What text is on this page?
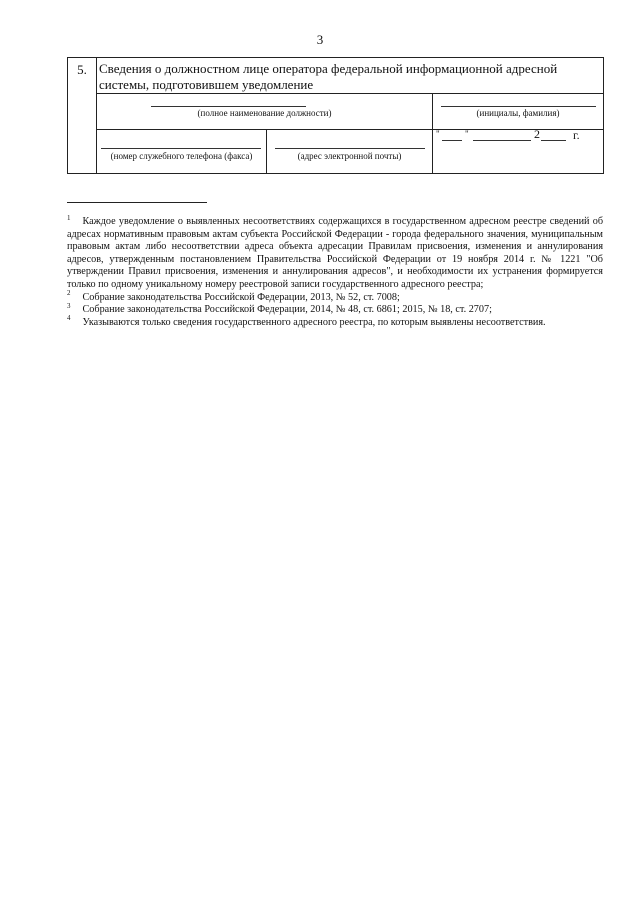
3
5.	Сведения о должностном лице оператора федеральной информационной адресной системы, подготовившем уведомление		

	(полное наименование должности)		(инициалы, фамилия)

	(номер служебного телефона (факса)	(адрес электронной почты)	" " 2 г.

$^1$ Каждое уведомление о выявленных несоответствиях содержащихся в государственном адресном реестре сведений об адресах нормативным правовым актам субъекта Российской Федерации - города федерального значения, муниципальным правовым актам либо несоответствии адреса объекта адресации Правилам присвоения, изменения и аннулирования адресов, утвержденным постановлением Правительства Российской Федерации от 19 ноября 2014 г. № 1221 "Об утверждении Правил присвоения, изменения и аннулирования адресов", и необходимости их устранения формируется только по одному уникальному номеру реестровой записи государственного адресного реестра;

$^2$ Собрание законодательства Российской Федерации, 2013, № 52, ст. 7008;

$^3$ Собрание законодательства Российской Федерации, 2014, № 48, ст. 6861; 2015, № 18, ст. 2707;

$^4$ Указываются только сведения государственного адресного реестра, по которым выявлены несоответствия.
